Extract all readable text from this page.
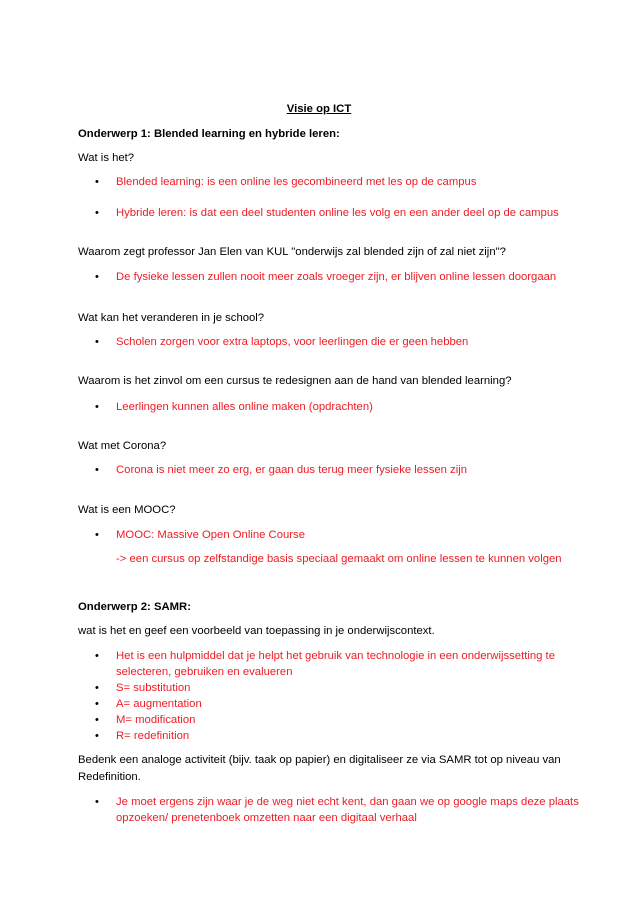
Visie op ICT
Onderwerp 1: Blended learning en hybride leren:
Wat is het?
• Blended learning: is een online les gecombineerd met les op de campus
• Hybride leren: is dat een deel studenten online les volg en een ander deel op de campus
Waarom zegt professor Jan Elen van KUL "onderwijs zal blended zijn of zal niet zijn"?
• De fysieke lessen zullen nooit meer zoals vroeger zijn, er blijven online lessen doorgaan
Wat kan het veranderen in je school?
• Scholen zorgen voor extra laptops, voor leerlingen die er geen hebben
Waarom is het zinvol om een cursus te redesignen aan de hand van blended learning?
• Leerlingen kunnen alles online maken (opdrachten)
Wat met Corona?
• Corona is niet meer zo erg, er gaan dus terug meer fysieke lessen zijn
Wat is een MOOC?
• MOOC: Massive Open Online Course
-> een cursus op zelfstandige basis speciaal gemaakt om online lessen te kunnen volgen
Onderwerp 2: SAMR:
wat is het en geef een voorbeeld van toepassing in je onderwijscontext.
• Het is een hulpmiddel dat je helpt het gebruik van technologie in een onderwijssetting te
selecteren, gebruiken en evalueren
• S= substitution
• A= augmentation
• M= modification
• R= redefinition
Bedenk een analoge activiteit (bijv. taak op papier) en digitaliseer ze via SAMR tot op niveau van
Redefinition.
• Je moet ergens zijn waar je de weg niet echt kent, dan gaan we op google maps deze plaats
opzoeken/ prenetenboek omzetten naar een digitaal verhaal
